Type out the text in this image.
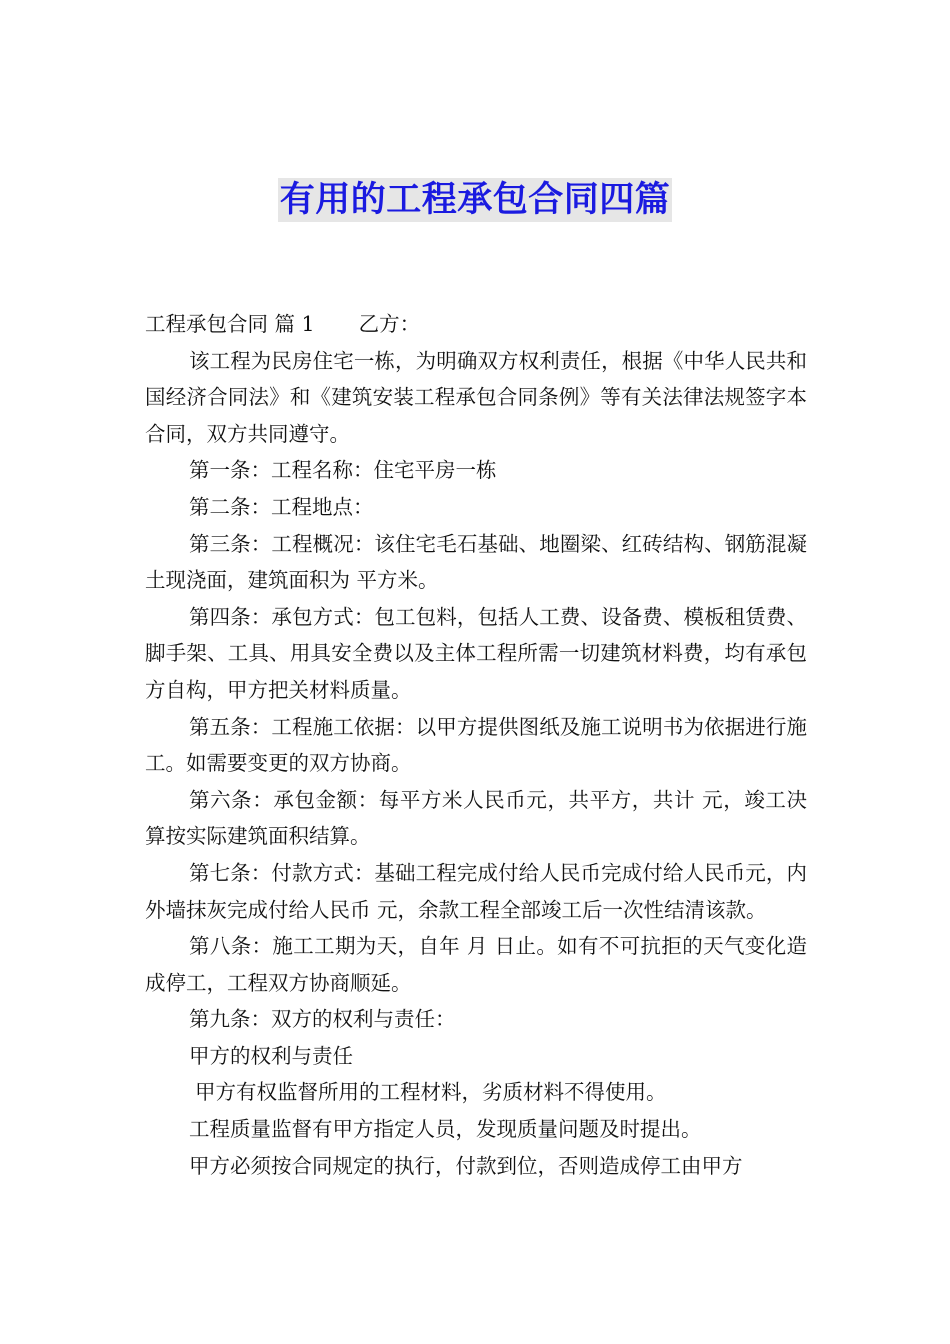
有用的工程承包合同四篇

工程承包合同 篇 1 乙方：

该工程为民房住宅一栋，为明确双方权利责任，根据《中华人民共和国经济合同法》和《建筑安装工程承包合同条例》等有关法律法规签字本合同，双方共同遵守。

第一条：工程名称：住宅平房一栋

第二条：工程地点：

第三条：工程概况：该住宅毛石基础、地圈梁、红砖结构、钢筋混凝土现浇面，建筑面积为 平方米。

第四条：承包方式：包工包料，包括人工费、设备费、模板租赁费、脚手架、工具、用具安全费以及主体工程所需一切建筑材料费，均有承包方自构，甲方把关材料质量。

第五条：工程施工依据：以甲方提供图纸及施工说明书为依据进行施工。如需要变更的双方协商。

第六条：承包金额：每平方米人民币元，共平方，共计 元，竣工决算按实际建筑面积结算。

第七条：付款方式：基础工程完成付给人民币完成付给人民币元，内外墙抹灰完成付给人民币 元，余款工程全部竣工后一次性结清该款。

第八条：施工工期为天，自年 月 日止。如有不可抗拒的天气变化造成停工，工程双方协商顺延。

第九条：双方的权利与责任：

甲方的权利与责任

甲方有权监督所用的工程材料，劣质材料不得使用。

工程质量监督有甲方指定人员，发现质量问题及时提出。

甲方必须按合同规定的执行，付款到位，否则造成停工由甲方
